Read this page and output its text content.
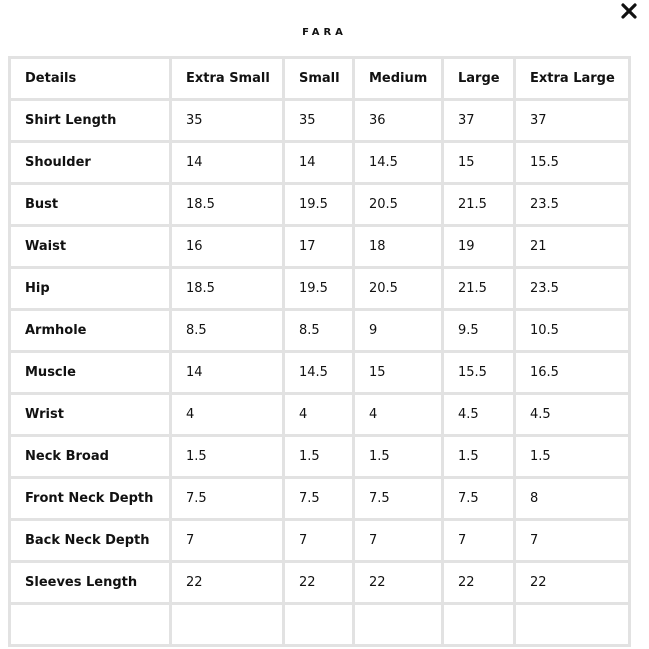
FARA
Details	Extra Small	Small	Medium	Large	Extra Large
Shirt Length	35	35	36	37	37
Shoulder	14	14	14.5	15	15.5
Bust	18.5	19.5	20.5	21.5	23.5
Waist	16	17	18	19	21
Hip	18.5	19.5	20.5	21.5	23.5
Armhole	8.5	8.5	9	9.5	10.5
Muscle	14	14.5	15	15.5	16.5
Wrist	4	4	4	4.5	4.5
Neck Broad	1.5	1.5	1.5	1.5	1.5
Front Neck Depth	7.5	7.5	7.5	7.5	8
Back Neck Depth	7	7	7	7	7
Sleeves Length	22	22	22	22	22
